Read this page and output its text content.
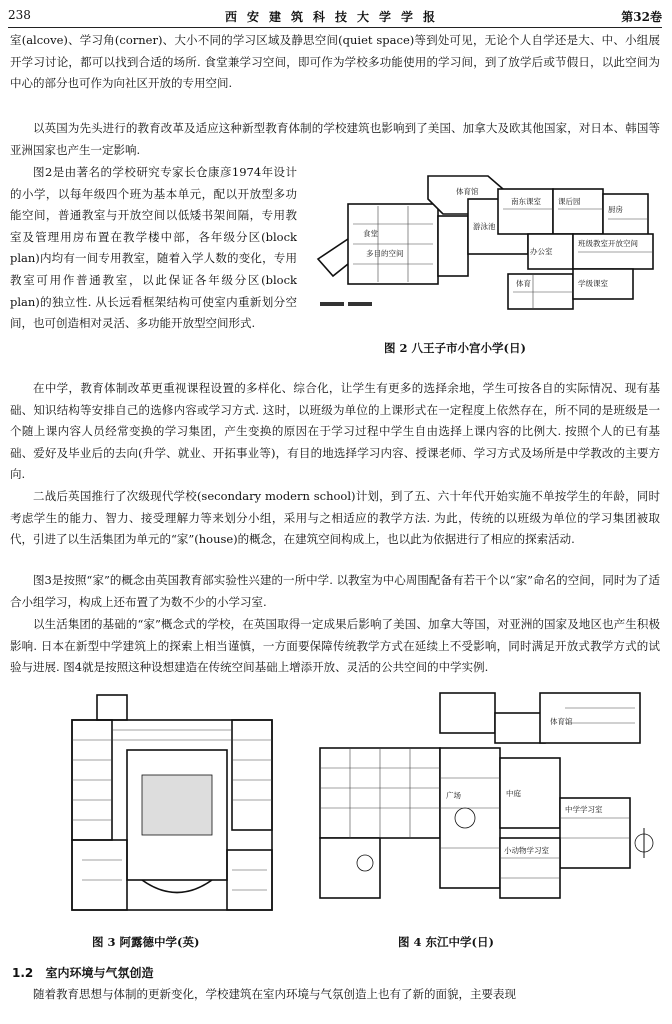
238	西安建筑科技大学学报	第32卷
室(alcove)、学习角(corner)、大小不同的学习区域及静思空间(quiet space)等到处可见，无论个人自学还是大、中、小组展开学习讨论，都可以找到合适的场所. 食堂兼学习空间，即可作为学校多功能使用的学习间，到了放学后或节假日，以此空间为中心的部分也可作为向社区开放的专用空间.
以英国为先头进行的教育改革及适应这种新型教育体制的学校建筑也影响到了美国、加拿大及欧其他国家，对日本、韩国等亚洲国家也产生一定影响.
图2是由著名的学校研究专家长仓康彦1974年设计的小学，以每年级四个班为基本单元，配以开放型多功能空间，普通教室与开放空间以低矮书架间隔，专用教室及管理用房布置在教学楼中部，各年级分区(block plan)内均有一间专用教室，随着入学人数的变化，专用教室可用作普通教室，以此保证各年级分区(block plan)的独立性. 从长远看框架结构可使室内重新划分空间，也可创造相对灵活、多功能开放型空间形式.
体育馆
游泳池
食堂
多目的空间	办公室
南东课室 课后园
厨房
班级教室开放空间
体育	学级课室
图 2 八王子市小宫小学(日)
在中学，教育体制改革更重视课程设置的多样化、综合化，让学生有更多的选择余地，学生可按各自的实际情况、现有基础、知识结构等安排自己的选修内容或学习方式. 这时，以班级为单位的上课形式在一定程度上依然存在，所不同的是班级是一个随上课内容人员经常变换的学习集团，产生变换的原因在于学习过程中学生自由选择上课内容的比例大. 按照个人的已有基础、爱好及毕业后的去向(升学、就业、开拓事业等)，有目的地选择学习内容、授课老师、学习方式及场所是中学教改的主要方向.
二战后英国推行了次级现代学校(secondary modern school)计划，到了五、六十年代开始实施不单按学生的年龄，同时考虑学生的能力、智力、接受理解力等来划分小组，采用与之相适应的教学方法. 为此，传统的以班级为单位的学习集团被取代，引进了以生活集团为单元的“家”(house)的概念，在建筑空间构成上，也以此为依据进行了相应的探索活动.
图3是按照“家”的概念由英国教育部实验性兴建的一所中学. 以教室为中心周围配备有若干个以“家”命名的空间，同时为了适合小组学习，构成上还布置了为数不少的小学习室.
以生活集团的基础的“家”概念式的学校，在英国取得一定成果后影响了美国、加拿大等国，对亚洲的国家及地区也产生积极影响. 日本在新型中学建筑上的探索上相当谨慎，一方面要保障传统教学方式在延续上不受影响，同时满足开放式教学方式的试验与进展. 图4就是按照这种设想建造在传统空间基础上增添开放、灵活的公共空间的中学实例.
图 3 阿露德中学(英)
中庭
体育馆
中学学习室
广场
小动物学习室
图 4 东江中学(日)
1.2 室内环境与气氛创造
随着教育思想与体制的更新变化，学校建筑在室内环境与气氛创造上也有了新的面貌，主要表现
